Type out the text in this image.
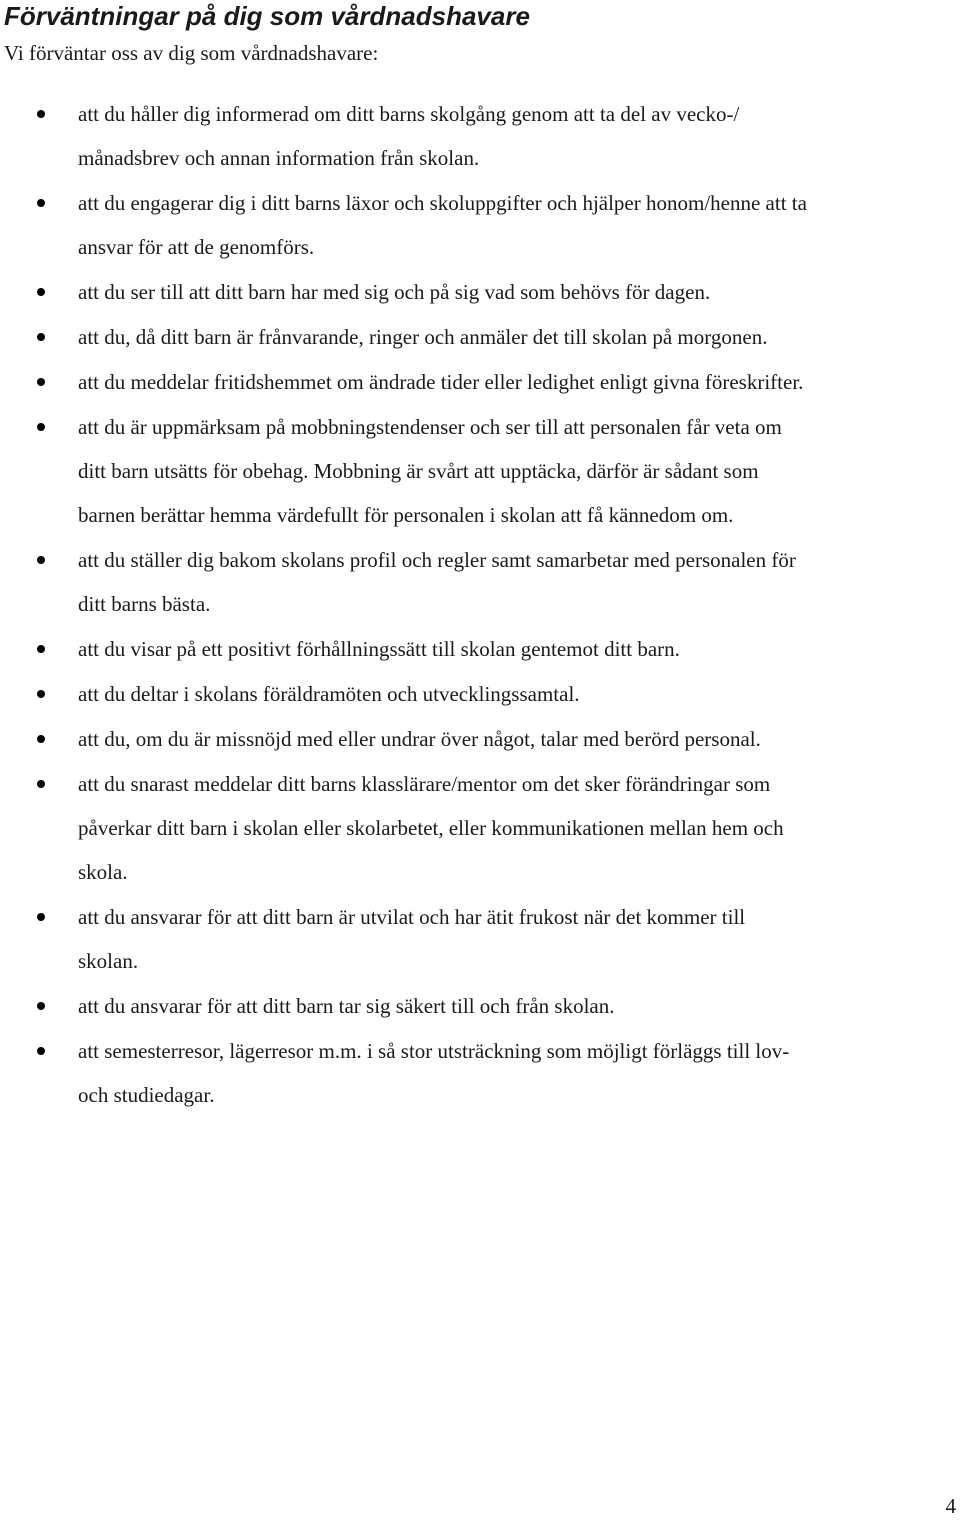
Förväntningar på dig som vårdnadshavare

Vi förväntar oss av dig som vårdnadshavare:

att du håller dig informerad om ditt barns skolgång genom att ta del av vecko-/
månadsbrev och annan information från skolan.
att du engagerar dig i ditt barns läxor och skoluppgifter och hjälper honom/henne att ta
ansvar för att de genomförs.
att du ser till att ditt barn har med sig och på sig vad som behövs för dagen.
att du, då ditt barn är frånvarande, ringer och anmäler det till skolan på morgonen.
att du meddelar fritidshemmet om ändrade tider eller ledighet enligt givna föreskrifter.
att du är uppmärksam på mobbningstendenser och ser till att personalen får veta om
ditt barn utsätts för obehag. Mobbning är svårt att upptäcka, därför är sådant som
barnen berättar hemma värdefullt för personalen i skolan att få kännedom om.
att du ställer dig bakom skolans profil och regler samt samarbetar med personalen för
ditt barns bästa.
att du visar på ett positivt förhållningssätt till skolan gentemot ditt barn.
att du deltar i skolans föräldramöten och utvecklingssamtal.
att du, om du är missnöjd med eller undrar över något, talar med berörd personal.
att du snarast meddelar ditt barns klasslärare/mentor om det sker förändringar som
påverkar ditt barn i skolan eller skolarbetet, eller kommunikationen mellan hem och
skola.
att du ansvarar för att ditt barn är utvilat och har ätit frukost när det kommer till
skolan.
att du ansvarar för att ditt barn tar sig säkert till och från skolan.
att semesterresor, lägerresor m.m. i så stor utsträckning som möjligt förläggs till lov-
och studiedagar.
4
